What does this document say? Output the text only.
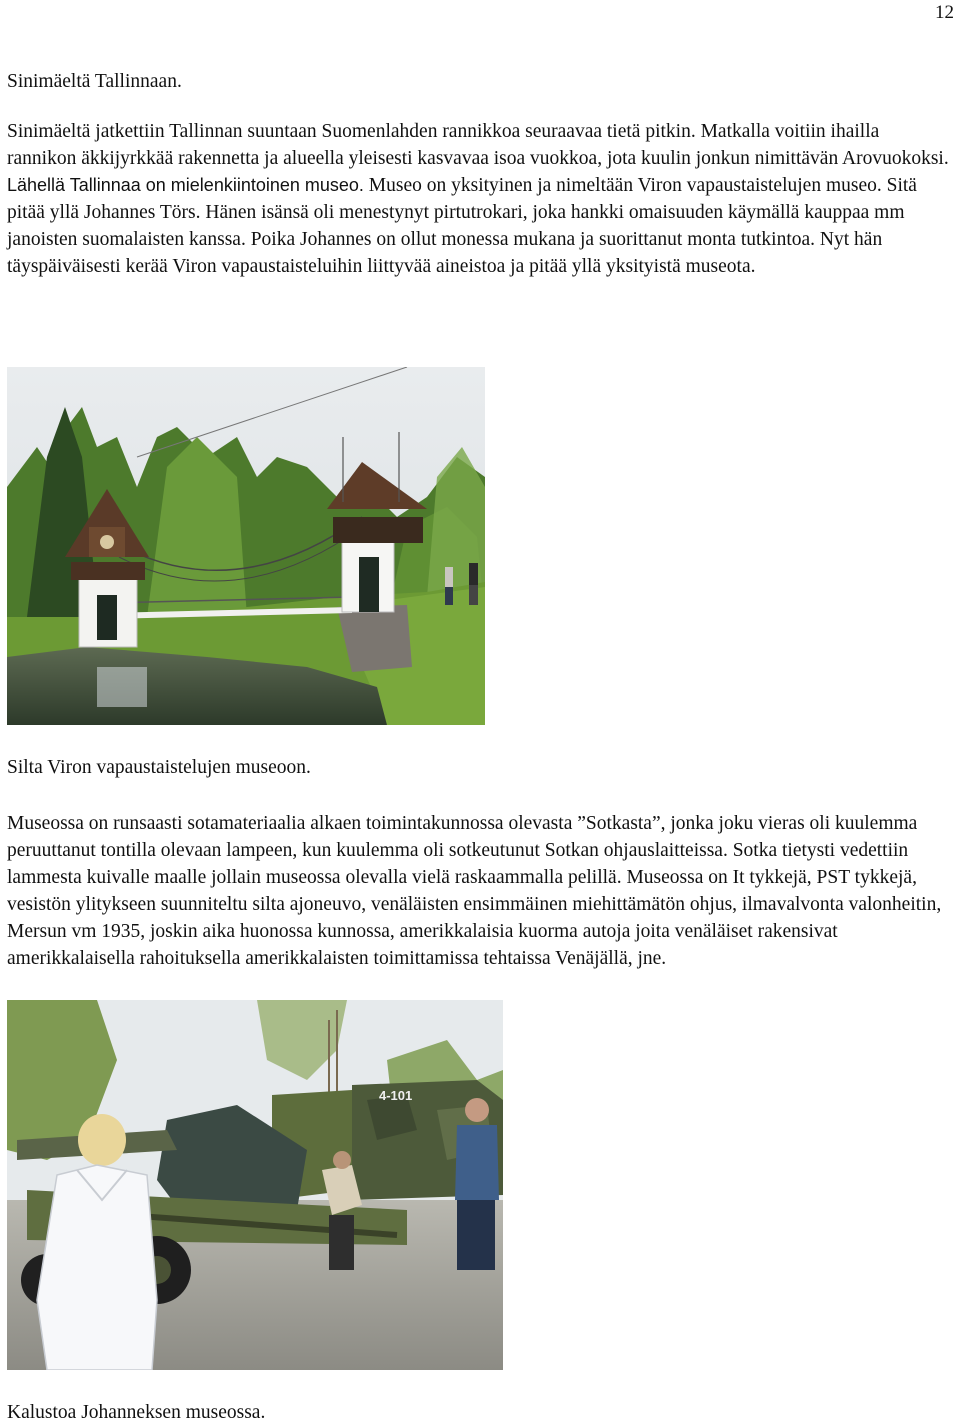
12

Sinimäeltä Tallinnaan.

Sinimäeltä jatkettiin Tallinnan suuntaan Suomenlahden rannikkoa seuraavaa tietä pitkin. Matkalla voitiin ihailla rannikon äkkijyrkkää rakennetta ja alueella yleisesti kasvavaa isoa vuokkoa, jota kuulin jonkun nimittävän Arovuokoksi.
Lähellä Tallinnaa on mielenkiintoinen museo. Museo on yksityinen ja nimeltään Viron vapaustaistelujen museo. Sitä pitää yllä Johannes Törs. Hänen isänsä oli menestynyt pirtutrokari, joka hankki omaisuuden käymällä kauppaa mm janoisten suomalaisten kanssa. Poika Johannes on ollut monessa mukana ja suorittanut monta tutkintoa. Nyt hän täyspäiväisesti kerää Viron vapaustaisteluihin liittyvää aineistoa ja pitää yllä yksityistä museota.

Silta Viron vapaustaistelujen museoon.

Museossa on runsaasti sotamateriaalia alkaen toimintakunnossa olevasta ”Sotkasta”, jonka joku vieras oli kuulemma peruuttanut tontilla olevaan lampeen, kun kuulemma oli sotkeutunut Sotkan ohjauslaitteissa. Sotka tietysti vedettiin lammesta kuivalle maalle jollain museossa olevalla vielä raskaammalla pelillä. Museossa on It tykkejä, PST tykkejä, vesistön ylitykseen suunniteltu silta ajoneuvo, venäläisten ensimmäinen miehittämätön ohjus, ilmavalvonta valonheitin, Mersun vm 1935, joskin aika huonossa kunnossa, amerikkalaisia kuorma autoja joita venäläiset rakensivat amerikkalaisella rahoituksella amerikkalaisten toimittamissa tehtaissa Venäjällä, jne.

4-101

Kalustoa Johanneksen museossa.
